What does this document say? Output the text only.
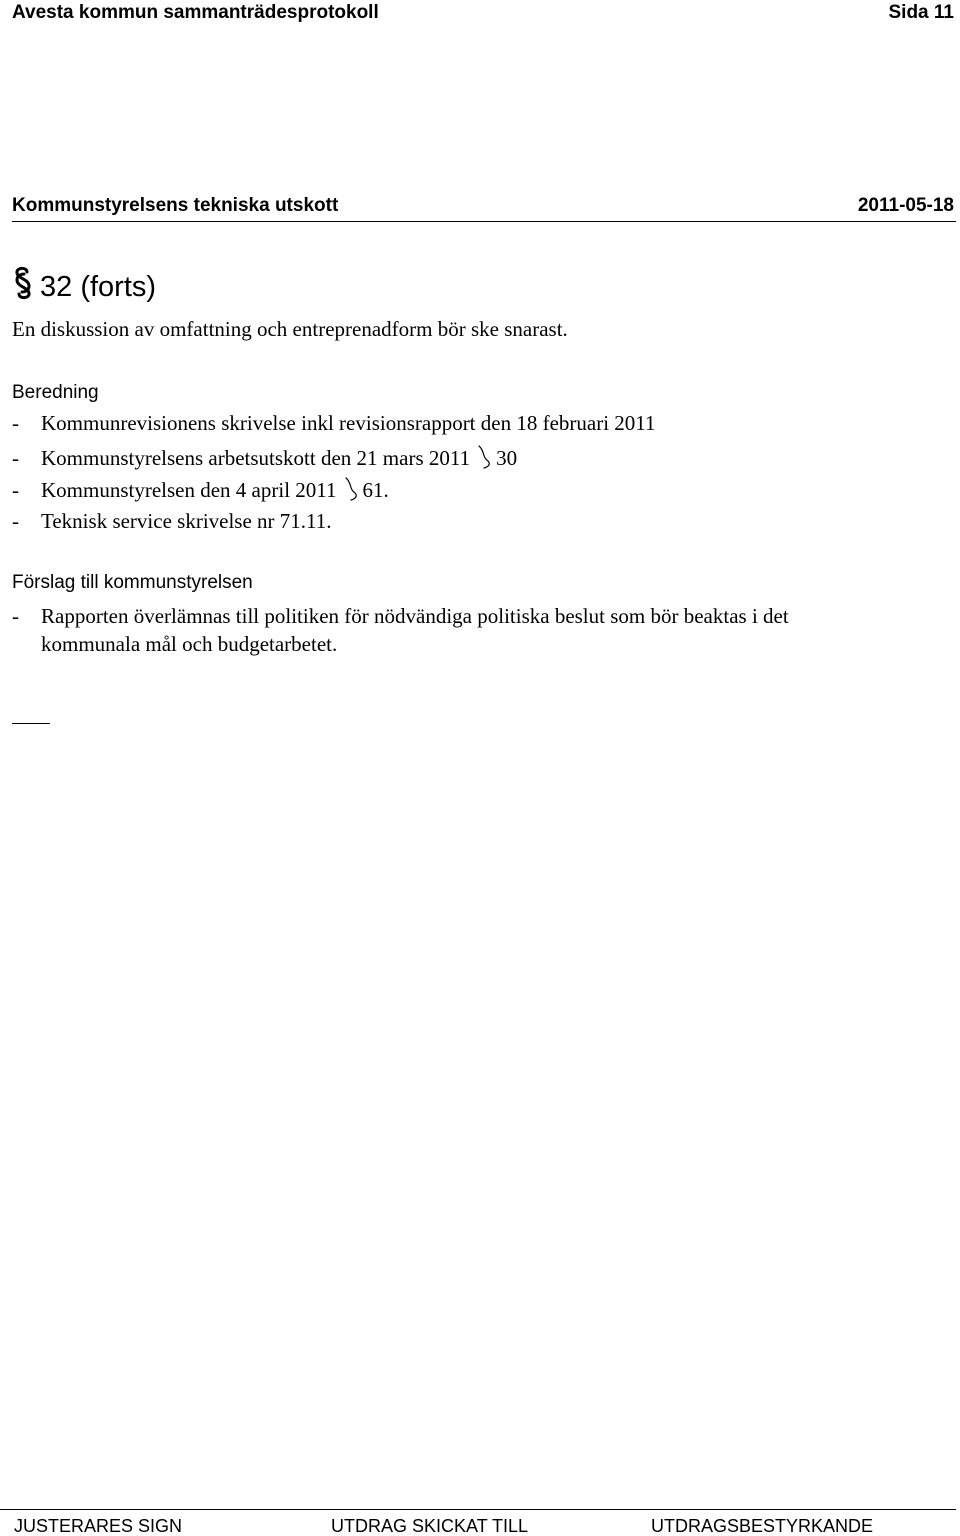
Avesta kommun sammanträdesprotokoll	Sida 11
Kommunstyrelsens tekniska utskott	2011-05-18
32 (forts)
En diskussion av omfattning och entreprenadform bör ske snarast.
Beredning
- Kommunrevisionens skrivelse inkl revisionsrapport den 18 februari 2011
- Kommunstyrelsens arbetsutskott den 21 mars 2011 30
- Kommunstyrelsen den 4 april 2011 61.
- Teknisk service skrivelse nr 71.11.
Förslag till kommunstyrelsen
- Rapporten överlämnas till politiken för nödvändiga politiska beslut som bör beaktas i det
kommunala mål och budgetarbetet.
JUSTERARES SIGN	UTDRAG SKICKAT TILL	UTDRAGSBESTYRKANDE
